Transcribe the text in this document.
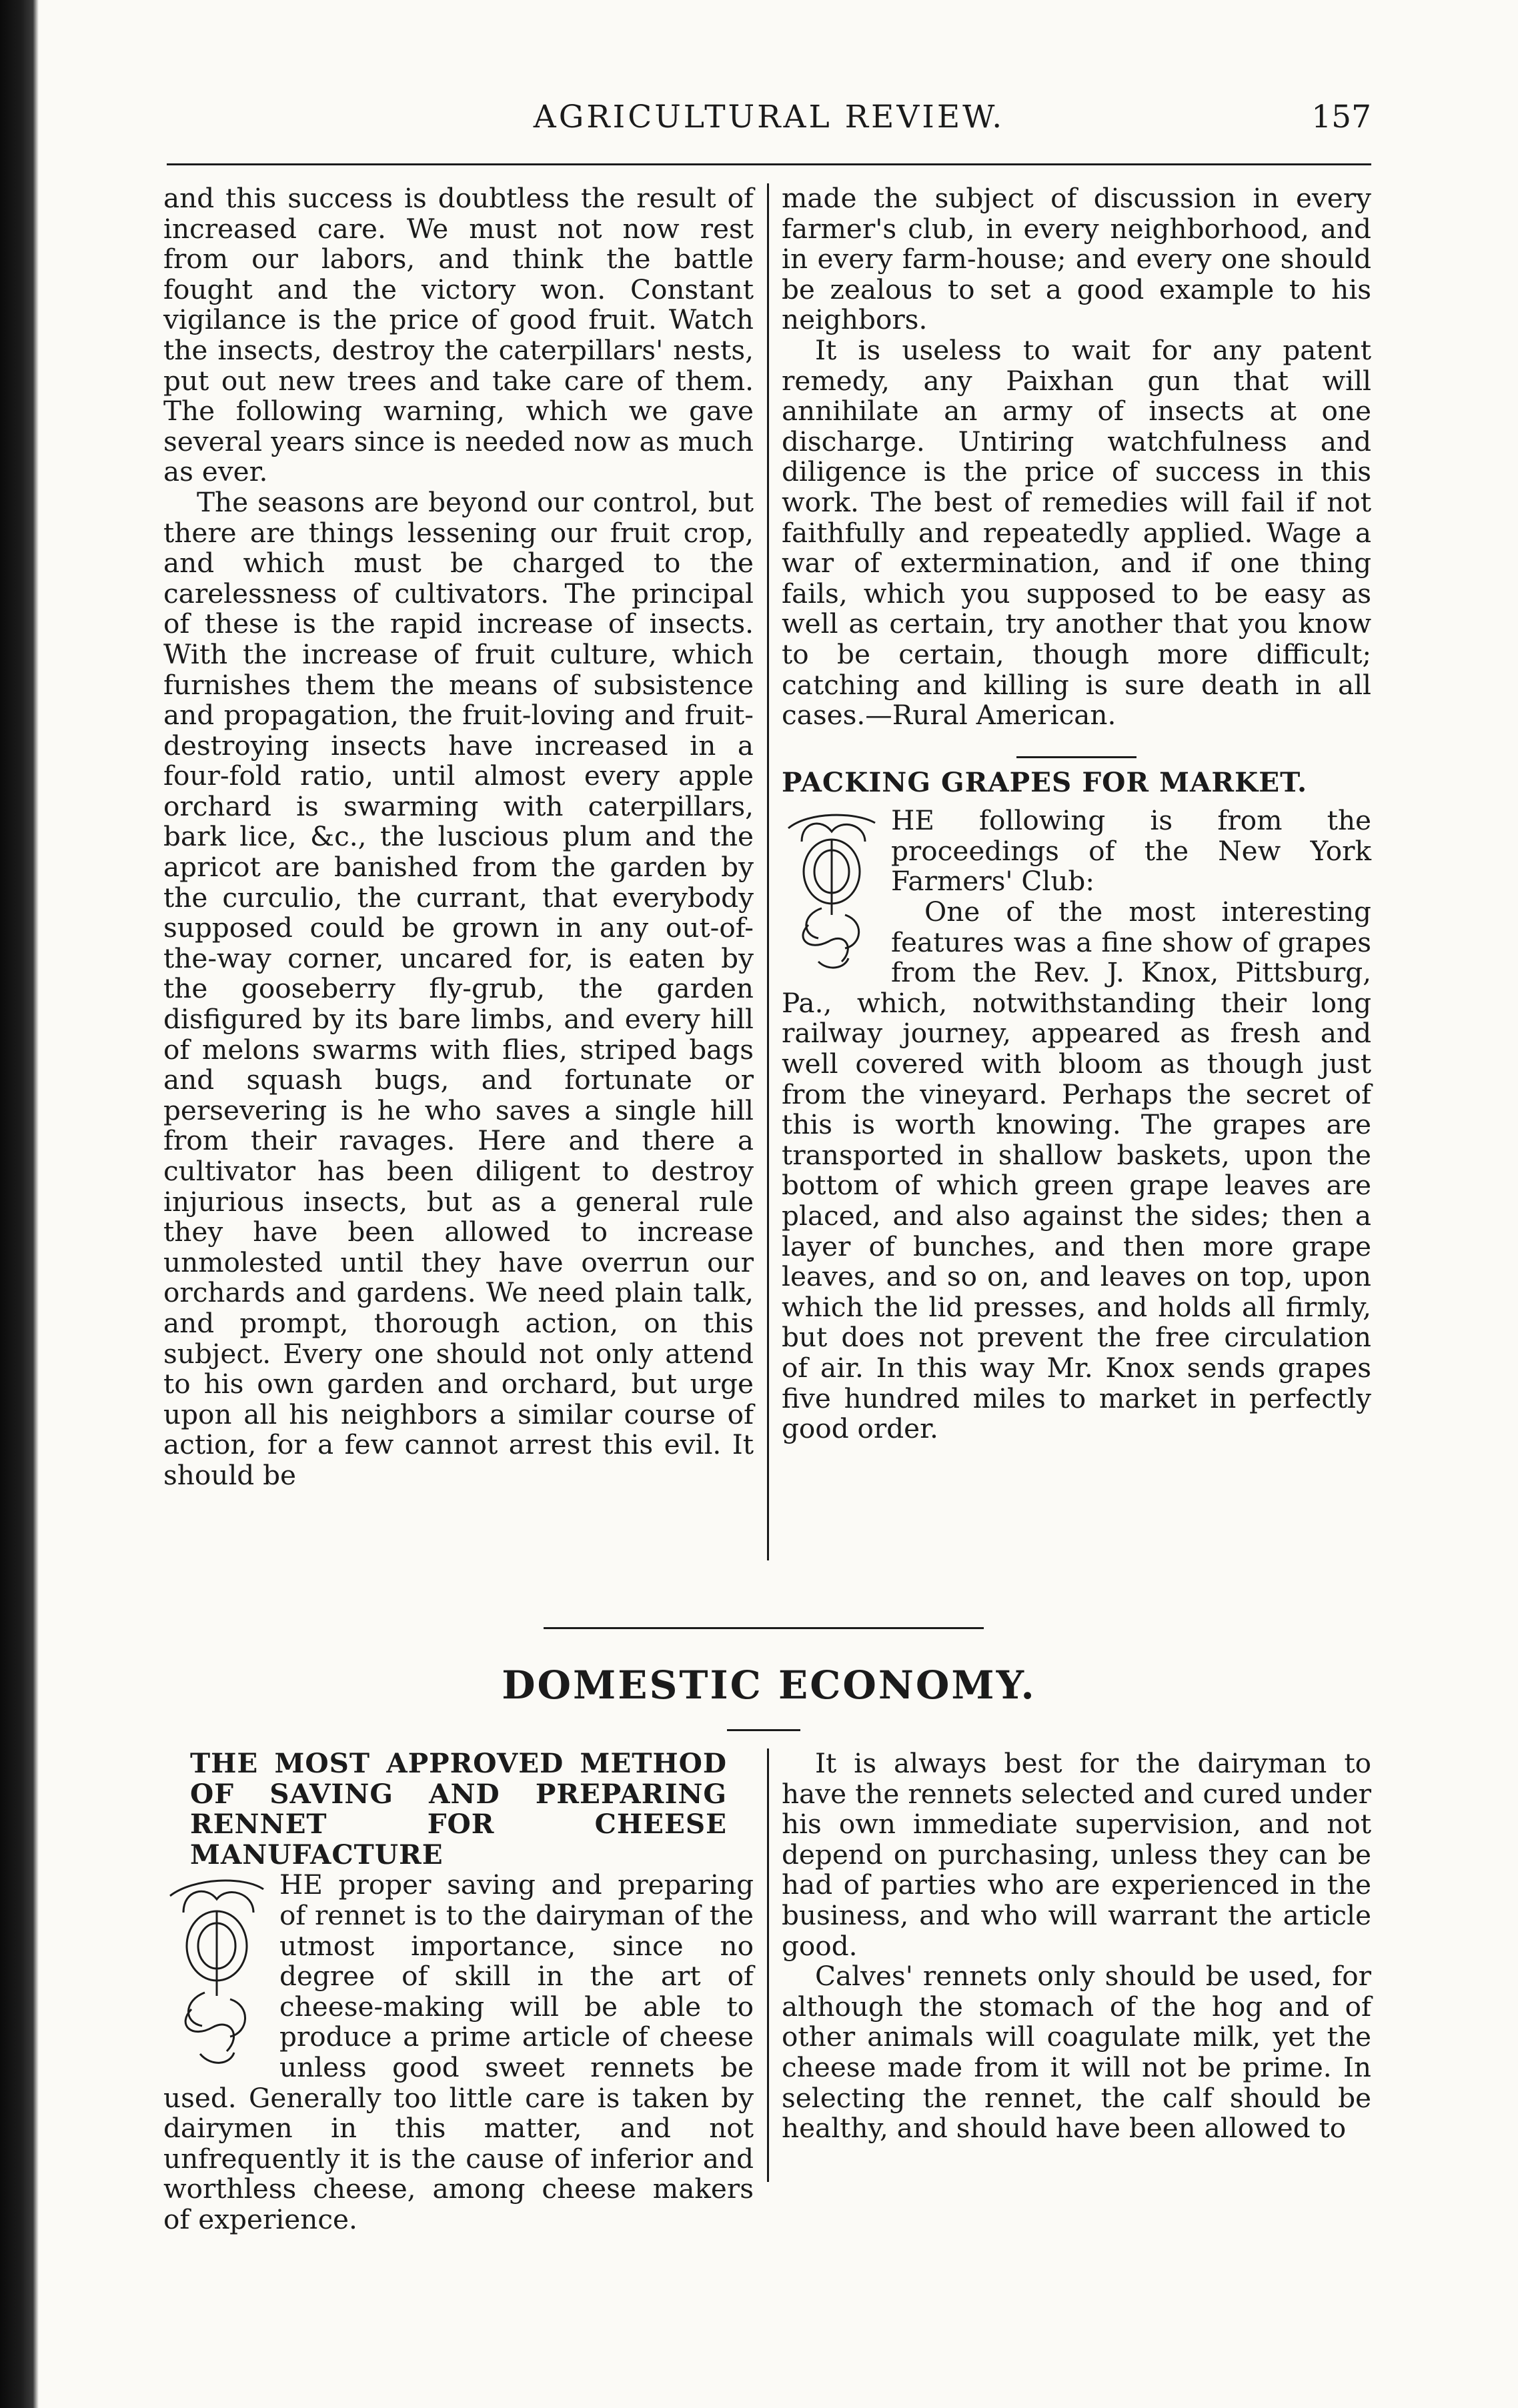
AGRICULTURAL REVIEW.	157

and this success is doubtless the result of increased care. We must not now rest from our labors, and think the battle fought and the victory won. Constant vigilance is the price of good fruit. Watch the insects, destroy the caterpillars' nests, put out new trees and take care of them. The following warning, which we gave several years since is needed now as much as ever.

The seasons are beyond our control, but there are things lessening our fruit crop, and which must be charged to the carelessness of cultivators. The principal of these is the rapid increase of insects. With the increase of fruit culture, which furnishes them the means of subsistence and propagation, the fruit-loving and fruit-destroying insects have increased in a four-fold ratio, until almost every apple orchard is swarming with caterpillars, bark lice, &c., the luscious plum and the apricot are banished from the garden by the curculio, the currant, that everybody supposed could be grown in any out-of-the-way corner, uncared for, is eaten by the gooseberry fly-grub, the garden disfigured by its bare limbs, and every hill of melons swarms with flies, striped bags and squash bugs, and fortunate or persevering is he who saves a single hill from their ravages. Here and there a cultivator has been diligent to destroy injurious insects, but as a general rule they have been allowed to increase unmolested until they have overrun our orchards and gardens. We need plain talk, and prompt, thorough action, on this subject. Every one should not only attend to his own garden and orchard, but urge upon all his neighbors a similar course of action, for a few cannot arrest this evil. It should be

made the subject of discussion in every farmer's club, in every neighborhood, and in every farm-house; and every one should be zealous to set a good example to his neighbors.

It is useless to wait for any patent remedy, any Paixhan gun that will annihilate an army of insects at one discharge. Untiring watchfulness and diligence is the price of success in this work. The best of remedies will fail if not faithfully and repeatedly applied. Wage a war of extermination, and if one thing fails, which you supposed to be easy as well as certain, try another that you know to be certain, though more difficult; catching and killing is sure death in all cases.—Rural American.

PACKING GRAPES FOR MARKET.

HE following is from the proceedings of the New York Farmers' Club:

One of the most interesting features was a fine show of grapes from the Rev. J. Knox, Pittsburg, Pa., which, notwithstanding their long railway journey, appeared as fresh and well covered with bloom as though just from the vineyard. Perhaps the secret of this is worth knowing. The grapes are transported in shallow baskets, upon the bottom of which green grape leaves are placed, and also against the sides; then a layer of bunches, and then more grape leaves, and so on, and leaves on top, upon which the lid presses, and holds all firmly, but does not prevent the free circulation of air. In this way Mr. Knox sends grapes five hundred miles to market in perfectly good order.

DOMESTIC ECONOMY.

THE MOST APPROVED METHOD OF SAVING AND PREPARING RENNET FOR CHEESE MANUFACTURE

HE proper saving and preparing of rennet is to the dairyman of the utmost importance, since no degree of skill in the art of cheese-making will be able to produce a prime article of cheese unless good sweet rennets be used. Generally too little care is taken by dairymen in this matter, and not unfrequently it is the cause of inferior and worthless cheese, among cheese makers of experience.

It is always best for the dairyman to have the rennets selected and cured under his own immediate supervision, and not depend on purchasing, unless they can be had of parties who are experienced in the business, and who will warrant the article good.

Calves' rennets only should be used, for although the stomach of the hog and of other animals will coagulate milk, yet the cheese made from it will not be prime. In selecting the rennet, the calf should be healthy, and should have been allowed to
